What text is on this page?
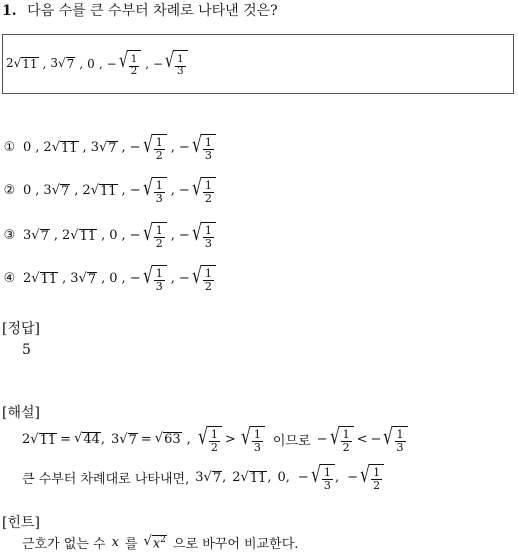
1. 다음 수를 큰 수부터 차례로 나타낸 것은?
2 √ 11 , 3 √ 7 , 0 , − √ $\frac{1}{2}$ , − √ $\frac{1}{3}$
① 0 , 2 √ 11 , 3 √ 7 , − √ $\frac{1}{2}$ , − √ $\frac{1}{3}$
② 0 , 3 √ 7 , 2 √ 11 , − √ $\frac{1}{3}$ , − √ $\frac{1}{2}$
③ 3 √ 7 , 2 √ 11 , 0 , − √ $\frac{1}{2}$ , − √ $\frac{1}{3}$
④ 2 √ 11 , 3 √ 7 , 0 , − √ $\frac{1}{3}$ , − √ $\frac{1}{2}$
[정답]
5
[해설]
2 √ 11 = √ 44 , 3 √ 7 = √ 63 , √ $\frac{1}{2}$ > √ $\frac{1}{3}$ 이므로 − √ $\frac{1}{2}$ < − √ $\frac{1}{3}$
큰 수부터 차례대로 나타내면, 3 √ 7 , 2 √ 11 , 0, − √ $\frac{1}{3}$ , − √ $\frac{1}{2}$
[힌트]
근호가 없는 수 x 를 √ $x^2$ 으로 바꾸어 비교한다.
